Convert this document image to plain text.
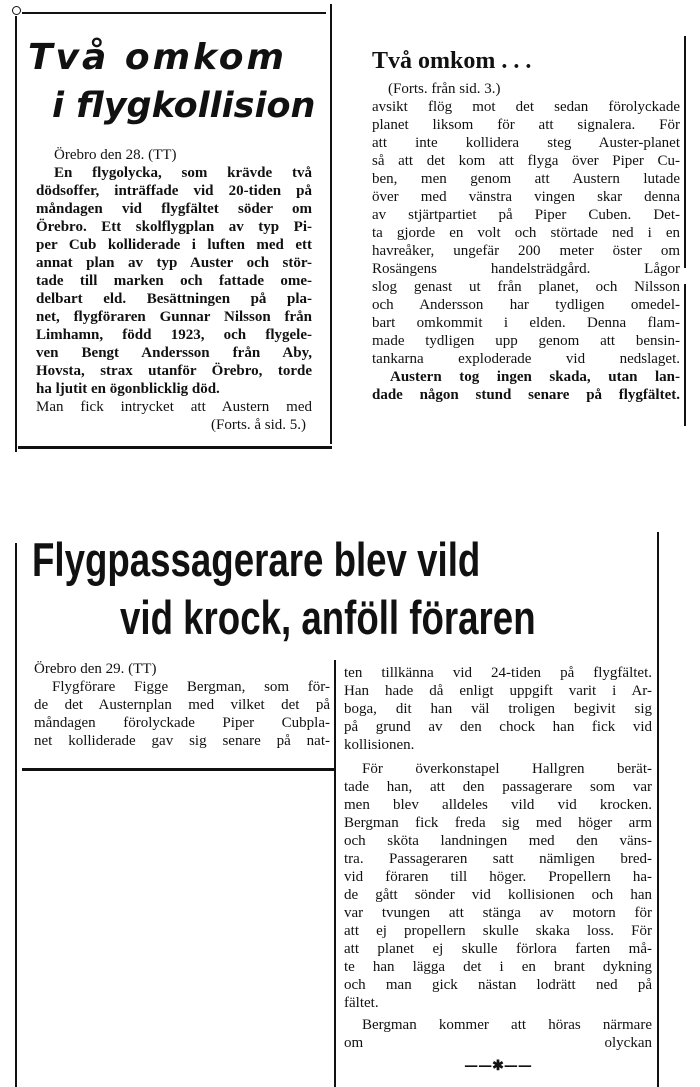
Två omkom
i flygkollision
Örebro den 28. (TT)
En flygolycka, som krävde två
dödsoffer, inträffade vid 20-tiden på
måndagen vid flygfältet söder om
Örebro. Ett skolflygplan av typ Pi-
per Cub kolliderade i luften med ett
annat plan av typ Auster och stör-
tade till marken och fattade ome-
delbart eld. Besättningen på pla-
net, flygföraren Gunnar Nilsson från
Limhamn, född 1923, och flygele-
ven Bengt Andersson från Aby,
Hovsta, strax utanför Örebro, torde
ha ljutit en ögonblicklig död.
Man fick intrycket att Austern med
(Forts. å sid. 5.)
Två omkom . . .
(Forts. från sid. 3.)
avsikt flög mot det sedan förolyckade
planet liksom för att signalera. För
att inte kollidera steg Auster-planet
så att det kom att flyga över Piper Cu-
ben, men genom att Austern lutade
över med vänstra vingen skar denna
av stjärtpartiet på Piper Cuben. Det-
ta gjorde en volt och störtade ned i en
havreåker, ungefär 200 meter öster om
Rosängens handelsträdgård. Lågor
slog genast ut från planet, och Nilsson
och Andersson har tydligen omedel-
bart omkommit i elden. Denna flam-
made tydligen upp genom att bensin-
tankarna exploderade vid nedslaget.
Austern tog ingen skada, utan lan-
dade någon stund senare på flygfältet.
Flygpassagerare blev vild
vid krock, anföll föraren
Örebro den 29. (TT)
Flygförare Figge Bergman, som för-
de det Austernplan med vilket det på
måndagen förolyckade Piper Cubpla-
net kolliderade gav sig senare på nat-
ten tillkänna vid 24-tiden på flygfältet.
Han hade då enligt uppgift varit i Ar-
boga, dit han väl troligen begivit sig
på grund av den chock han fick vid
kollisionen.
För överkonstapel Hallgren berät-
tade han, att den passagerare som var
men blev alldeles vild vid krocken.
Bergman fick freda sig med höger arm
och sköta landningen med den väns-
tra. Passageraren satt nämligen bred-
vid föraren till höger. Propellern ha-
de gått sönder vid kollisionen och han
var tvungen att stänga av motorn för
att ej propellern skulle skaka loss. För
att planet ej skulle förlora farten må-
te han lägga det i en brant dykning
och man gick nästan lodrätt ned på
fältet.
Bergman kommer att höras närmare
om olyckan
——✱——
